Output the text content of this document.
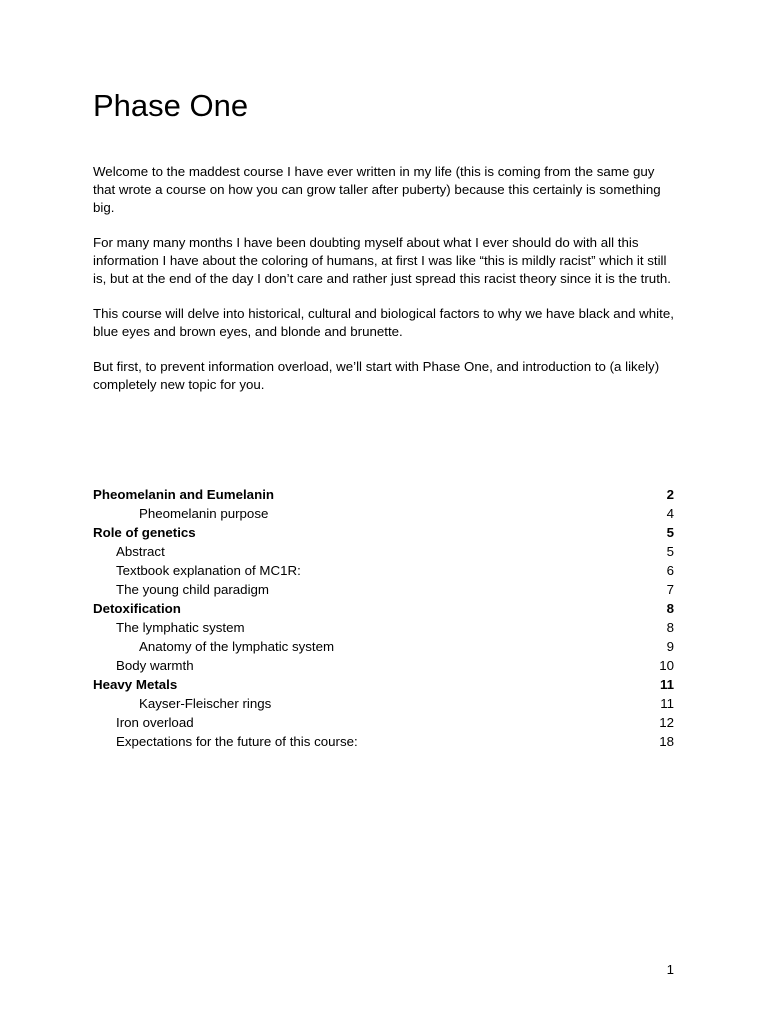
Phase One

Welcome to the maddest course I have ever written in my life (this is coming from the same guy that wrote a course on how you can grow taller after puberty) because this certainly is something big.

For many many months I have been doubting myself about what I ever should do with all this information I have about the coloring of humans, at first I was like “this is mildly racist” which it still is, but at the end of the day I don’t care and rather just spread this racist theory since it is the truth.

This course will delve into historical, cultural and biological factors to why we have black and white, blue eyes and brown eyes, and blonde and brunette.

But first, to prevent information overload, we’ll start with Phase One, and introduction to (a likely) completely new topic for you.

Pheomelanin and Eumelanin	2
Pheomelanin purpose	4
Role of genetics	5
Abstract	5
Textbook explanation of MC1R:	6
The young child paradigm	7
Detoxification	8
The lymphatic system	8
Anatomy of the lymphatic system	9
Body warmth	10
Heavy Metals	11
Kayser-Fleischer rings	11
Iron overload	12
Expectations for the future of this course:	18
1
